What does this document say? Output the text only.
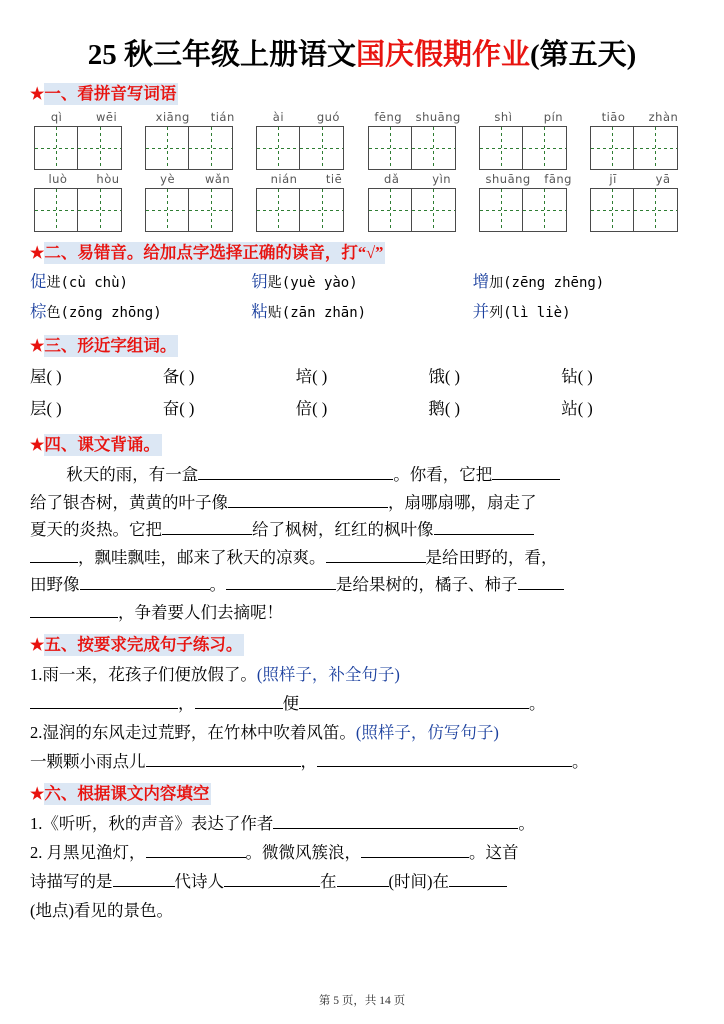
25 秋三年级上册语文国庆假期作业(第五天)
★一、看拼音写词语
qì	wēi	xiāng tián	ài	guó	fēng shuāng	shì	pín	tiāo zhàn
luò	hòu	yè	wǎn	nián tiē	dǎ	yìn	shuāng fāng	jī	yā
★二、易错音。给加点字选择正确的读音，打“√”
促进(cù chù)	钥匙(yuè yào)	增加(zēng zhēng)
棕色(zōng zhōng)	粘贴(zān zhān)	并列(lì liè)
★三、形近字组词。
屋( )	备( )	培( )	饿( )	钻( )
层( )	奋( )	倍( )	鹅( )	站( )
★四、课文背诵。
秋天的雨，有一盒	。你看，它把
给了银杏树，黄黄的叶子像	，扇哪扇哪，扇走了
夏天的炎热。它把	给了枫树，红红的枫叶像
，飘哇飘哇，邮来了秋天的凉爽。	是给田野的，看，
田野像	。	是给果树的，橘子、柿子
，争着要人们去摘呢！
★五、按要求完成句子练习。
1.雨一来，花孩子们便放假了。(照样子，补全句子)
，	便	。
2.湿润的东风走过荒野，在竹林中吹着风笛。(照样子，仿写句子)
一颗颗小雨点儿	，	。
★六、根据课文内容填空
1.《听听，秋的声音》表达了作者	。
2. 月黑见渔灯，	。微微风簇浪，	。这首
诗描写的是	代诗人	在	(时间)在
(地点)看见的景色。
第 5 页，共 14 页
